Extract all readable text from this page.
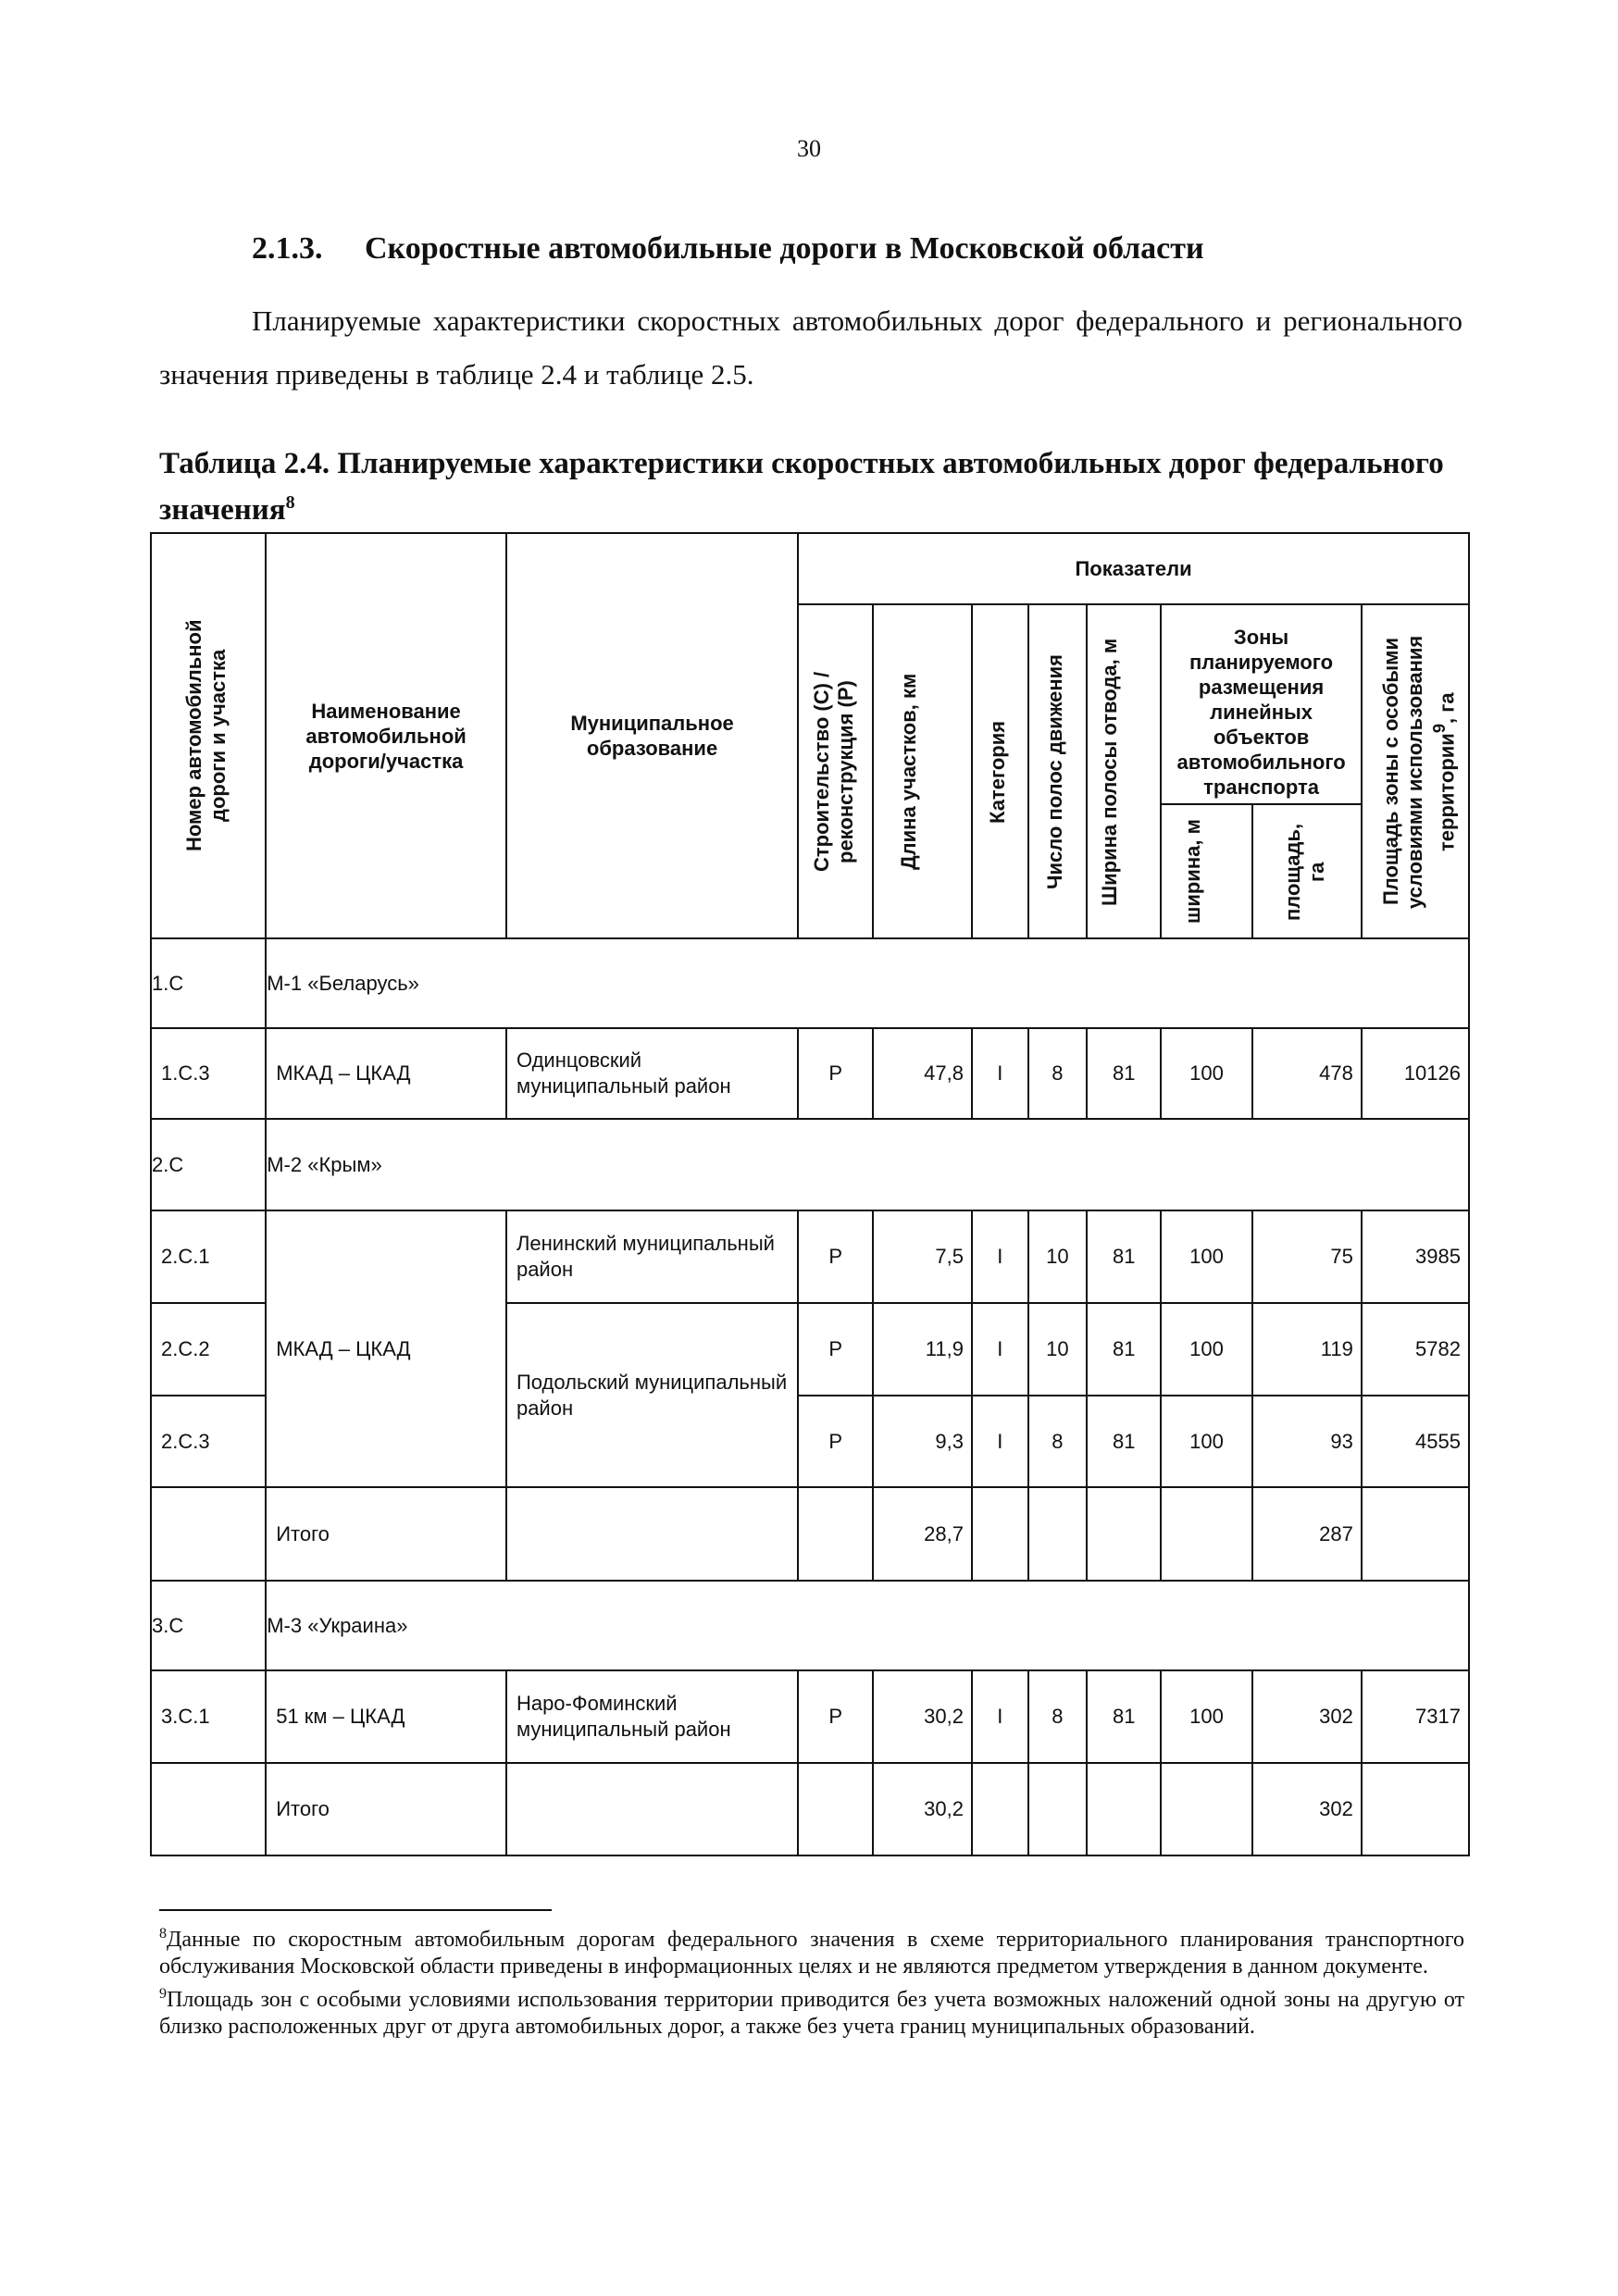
30
2.1.3. Скоростные автомобильные дороги в Московской области

Планируемые характеристики скоростных автомобильных дорог федерального и регионального значения приведены в таблице 2.4 и таблице 2.5.

Таблица 2.4. Планируемые характеристики скоростных автомобильных дорог федерального значения$^8$

Номер автомобильной дороги и участка	Наименование автомобильной дороги/участка	Муниципальное образование	Показатели							

			Строительство (С) / реконструкция (Р)	Длина участков, км	Категория	Число полос движения	Ширина полосы отвода, м	Зоны планируемого размещения линейных объектов автомобильного транспорта		Площадь зоны с особыми условиями использования территории$^9$, га

								ширина, м	площадь, га	

1.С	М-1 «Беларусь»									
1.С.3	МКАД – ЦКАД	Одинцовский муниципальный район	Р	47,8	I	8	81	100	478	10126
2.С	М-2 «Крым»									
2.С.1	МКАД – ЦКАД	Ленинский муниципальный район	Р	7,5	I	10	81	100	75	3985
2.С.2		Подольский муниципальный район	Р	11,9	I	10	81	100	119	5782
2.С.3			Р	9,3	I	8	81	100	93	4555
	Итого			28,7					287	
3.С	М-3 «Украина»									
3.С.1	51 км – ЦКАД	Наро-Фоминский муниципальный район	Р	30,2	I	8	81	100	302	7317
	Итого			30,2					302	

$^8$Данные по скоростным автомобильным дорогам федерального значения в схеме территориального планирования транспортного обслуживания Московской области приведены в информационных целях и не являются предметом утверждения в данном документе.

$^9$Площадь зон с особыми условиями использования территории приводится без учета возможных наложений одной зоны на другую от близко расположенных друг от друга автомобильных дорог, а также без учета границ муниципальных образований.
